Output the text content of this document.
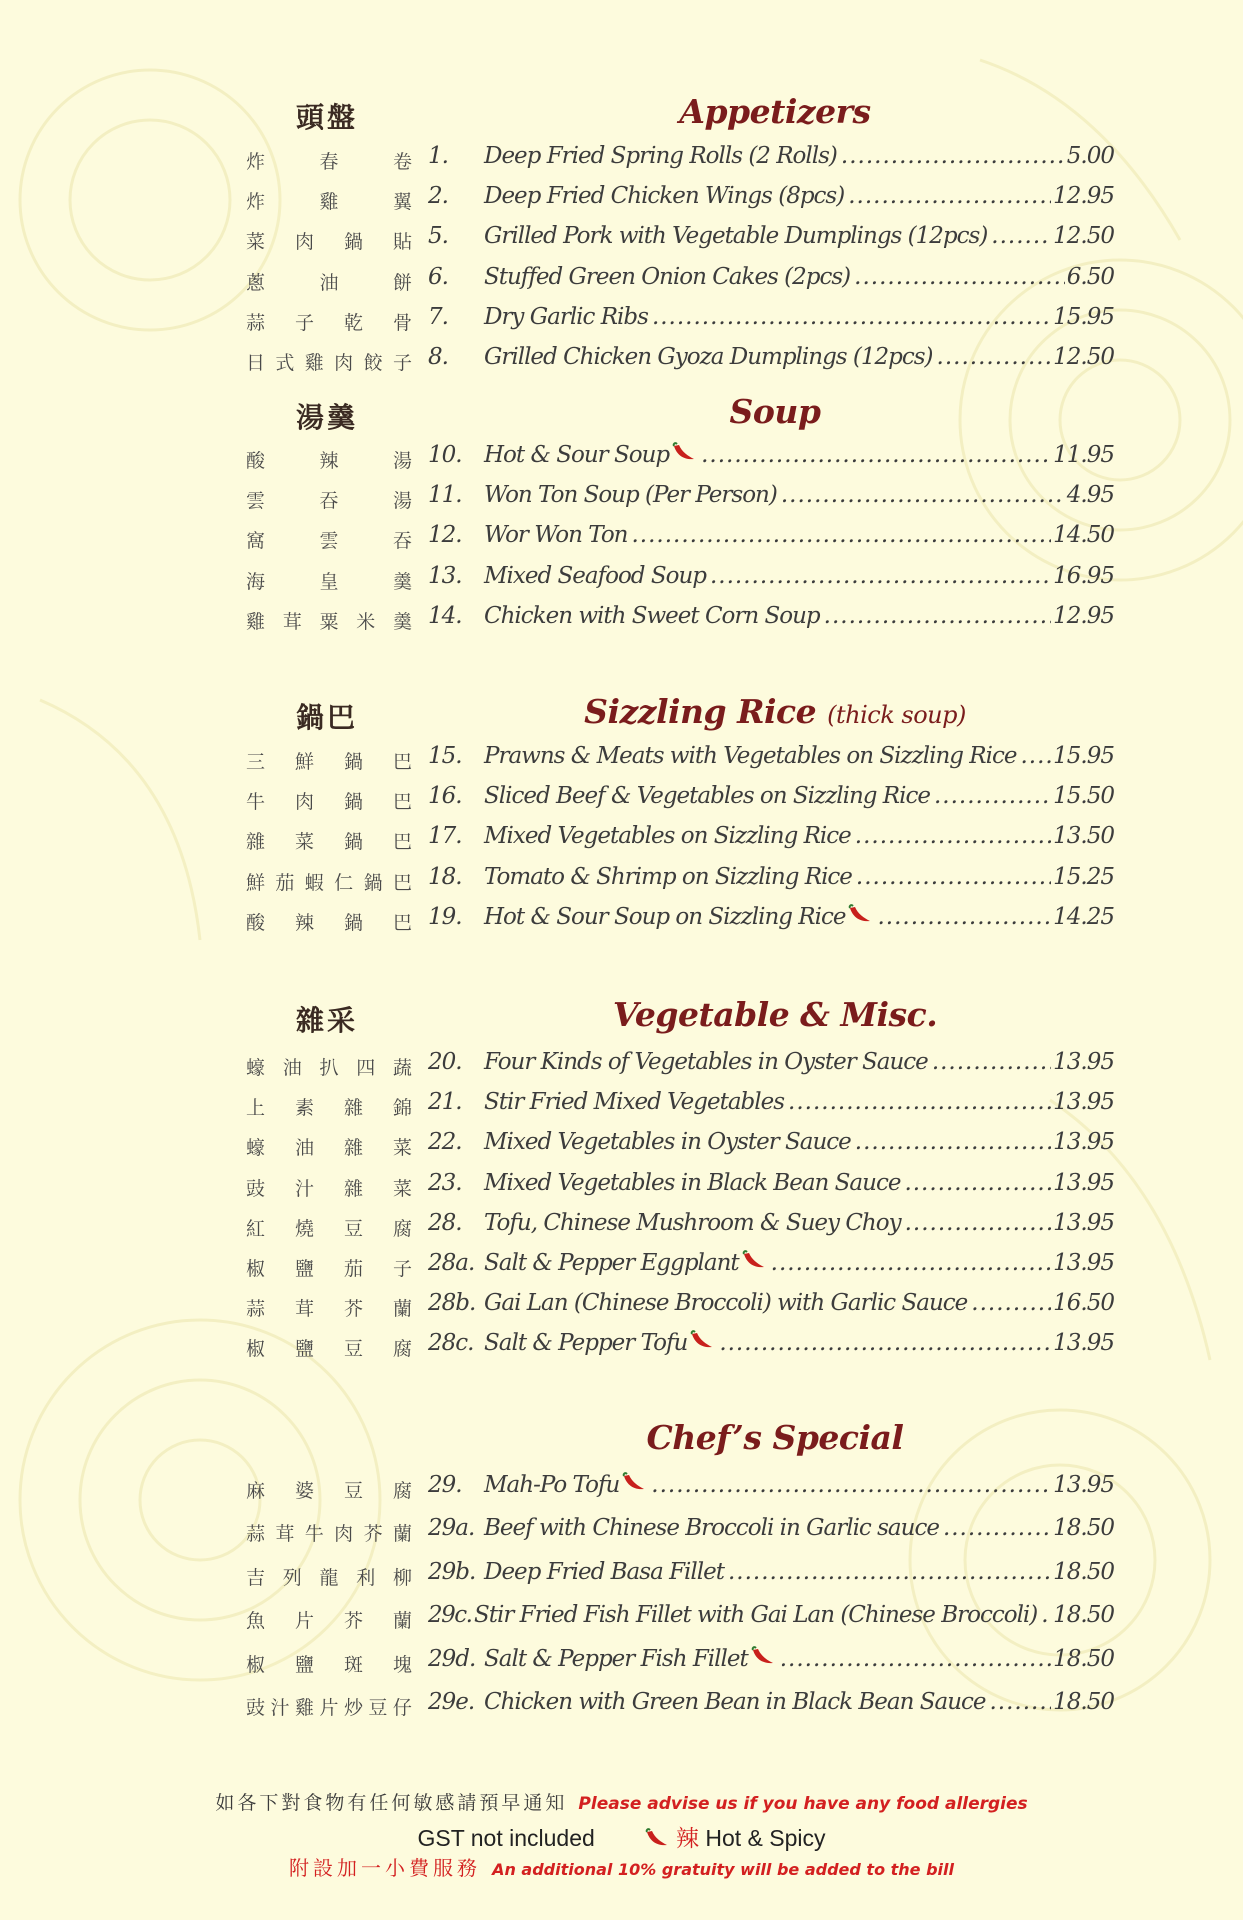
頭盤	Appetizers
炸	春	卷 1. Deep Fried Spring Rolls (2 Rolls) .....	5.00
炸	雞	翼 2. Deep Fried Chicken Wings (8pcs) .....	12.95
菜 肉 鍋 貼 5. Grilled Pork with Vegetable Dumplings (12pcs) .....	12.50
蔥	油	餅 6. Stuffed Green Onion Cakes (2pcs) .....	6.50
蒜 子 乾 骨 7. Dry Garlic Ribs .....	15.95
日 式 雞 肉 餃 子 8. Grilled Chicken Gyoza Dumplings (12pcs) .....	12.50
湯羹	Soup
酸	辣	湯 10. Hot & Sour Soup .....	11.95
雲	吞	湯 11. Won Ton Soup (Per Person) .....	4.95
窩	雲	吞 12. Wor Won Ton .....	14.50
海	皇	羹 13. Mixed Seafood Soup .....	16.95
雞 茸 粟 米 羹 14. Chicken with Sweet Corn Soup .....	12.95
鍋巴	Sizzling Rice (thick soup)
三 鮮 鍋 巴 15. Prawns & Meats with Vegetables on Sizzling Rice ..... 15.95
牛 肉 鍋 巴 16. Sliced Beef & Vegetables on Sizzling Rice .....	15.50
雜 菜 鍋 巴 17. Mixed Vegetables on Sizzling Rice .....	13.50
鮮 茄 蝦 仁 鍋 巴 18. Tomato & Shrimp on Sizzling Rice .....	15.25
酸 辣 鍋 巴 19. Hot & Sour Soup on Sizzling Rice .....	14.25
雜采	Vegetable & Misc.
蠔 油 扒 四 蔬 20. Four Kinds of Vegetables in Oyster Sauce .....	13.95
上 素 雜 錦 21. Stir Fried Mixed Vegetables .....	13.95
蠔 油 雜 菜 22. Mixed Vegetables in Oyster Sauce .....	13.95
豉 汁 雜 菜 23. Mixed Vegetables in Black Bean Sauce .....	13.95
紅 燒 豆 腐 28. Tofu, Chinese Mushroom & Suey Choy .....	13.95
椒 鹽 茄 子 28a. Salt & Pepper Eggplant .....	13.95
蒜 茸 芥 蘭 28b. Gai Lan (Chinese Broccoli) with Garlic Sauce .....	16.50
椒 鹽 豆 腐 28c. Salt & Pepper Tofu .....	13.95
Chef’s Special
麻 婆 豆 腐 29. Mah-Po Tofu .....	13.95
蒜 茸 牛 肉 芥 蘭 29a. Beef with Chinese Broccoli in Garlic sauce .....	18.50
吉 列 龍 利 柳 29b. Deep Fried Basa Fillet .....	18.50
魚 片 芥 蘭 29c. Stir Fried Fish Fillet with Gai Lan (Chinese Broccoli) ..... 18.50
椒 鹽 斑 塊 29d. Salt & Pepper Fish Fillet .....	18.50
豉 汁 雞 片 炒 豆 仔 29e. Chicken with Green Bean in Black Bean Sauce .....	18.50
如各下對食物有任何敏感請預早通知 Please advise us if you have any food allergies
GST not included	辣 Hot & Spicy
附設加一小費服務 An additional 10% gratuity will be added to the bill
